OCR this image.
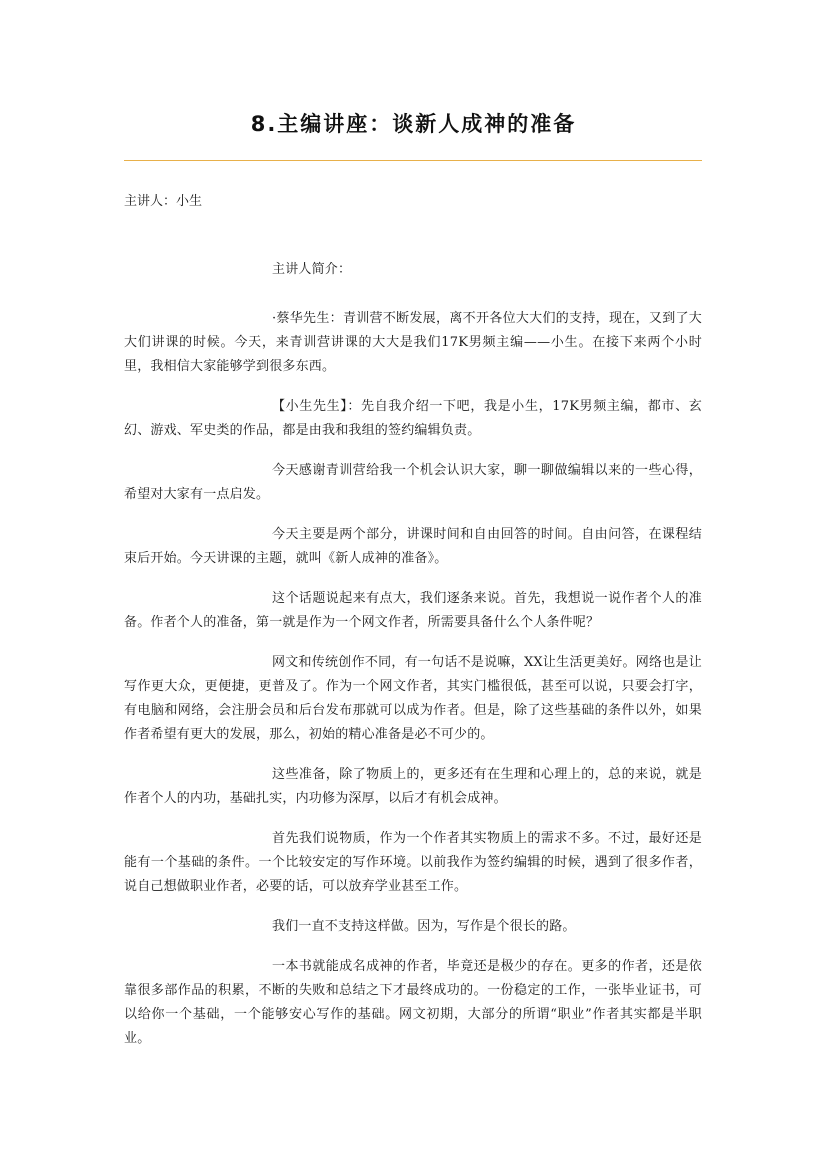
8.主编讲座：谈新人成神的准备

主讲人：小生

主讲人简介：

·蔡华先生：青训营不断发展，离不开各位大大们的支持，现在，又到了大大们讲课的时候。今天，来青训营讲课的大大是我们17K男频主编——小生。在接下来两个小时里，我相信大家能够学到很多东西。

【小生先生】：先自我介绍一下吧，我是小生，17K男频主编，都市、玄幻、游戏、军史类的作品，都是由我和我组的签约编辑负责。

今天感谢青训营给我一个机会认识大家，聊一聊做编辑以来的一些心得，希望对大家有一点启发。

今天主要是两个部分，讲课时间和自由回答的时间。自由问答，在课程结束后开始。今天讲课的主题，就叫《新人成神的准备》。

这个话题说起来有点大，我们逐条来说。首先，我想说一说作者个人的准备。作者个人的准备，第一就是作为一个网文作者，所需要具备什么个人条件呢？

网文和传统创作不同，有一句话不是说嘛，XX让生活更美好。网络也是让写作更大众，更便捷，更普及了。作为一个网文作者，其实门槛很低，甚至可以说，只要会打字，有电脑和网络，会注册会员和后台发布那就可以成为作者。但是，除了这些基础的条件以外，如果作者希望有更大的发展，那么，初始的精心准备是必不可少的。

这些准备，除了物质上的，更多还有在生理和心理上的，总的来说，就是作者个人的内功，基础扎实，内功修为深厚，以后才有机会成神。

首先我们说物质，作为一个作者其实物质上的需求不多。不过，最好还是能有一个基础的条件。一个比较安定的写作环境。以前我作为签约编辑的时候，遇到了很多作者，说自己想做职业作者，必要的话，可以放弃学业甚至工作。

我们一直不支持这样做。因为，写作是个很长的路。

一本书就能成名成神的作者，毕竟还是极少的存在。更多的作者，还是依靠很多部作品的积累，不断的失败和总结之下才最终成功的。一份稳定的工作，一张毕业证书，可以给你一个基础，一个能够安心写作的基础。网文初期，大部分的所谓“职业”作者其实都是半职业。
